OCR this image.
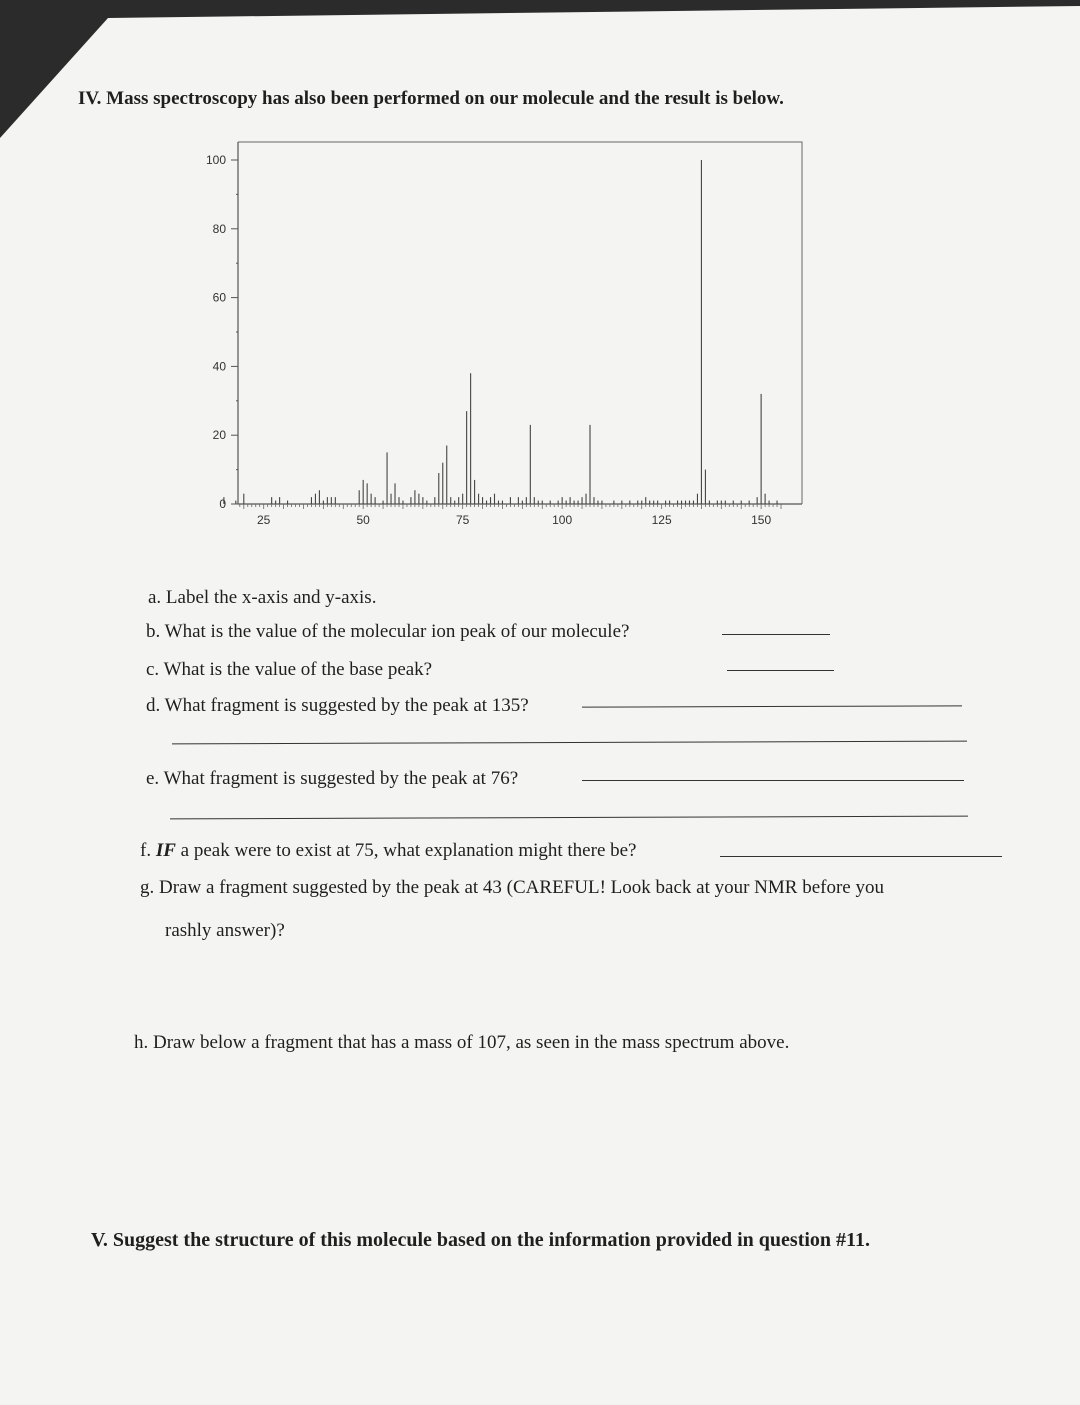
IV. Mass spectroscopy has also been performed on our molecule and the result is below.
0
20
40
60
80
100
25	50	75	100	125	150
a. Label the x-axis and y-axis.
b. What is the value of the molecular ion peak of our molecule?
c. What is the value of the base peak?
d. What fragment is suggested by the peak at 135?
e. What fragment is suggested by the peak at 76?
f. IF a peak were to exist at 75, what explanation might there be?
g. Draw a fragment suggested by the peak at 43 (CAREFUL! Look back at your NMR before you
rashly answer)?
h. Draw below a fragment that has a mass of 107, as seen in the mass spectrum above.
V. Suggest the structure of this molecule based on the information provided in question #11.
